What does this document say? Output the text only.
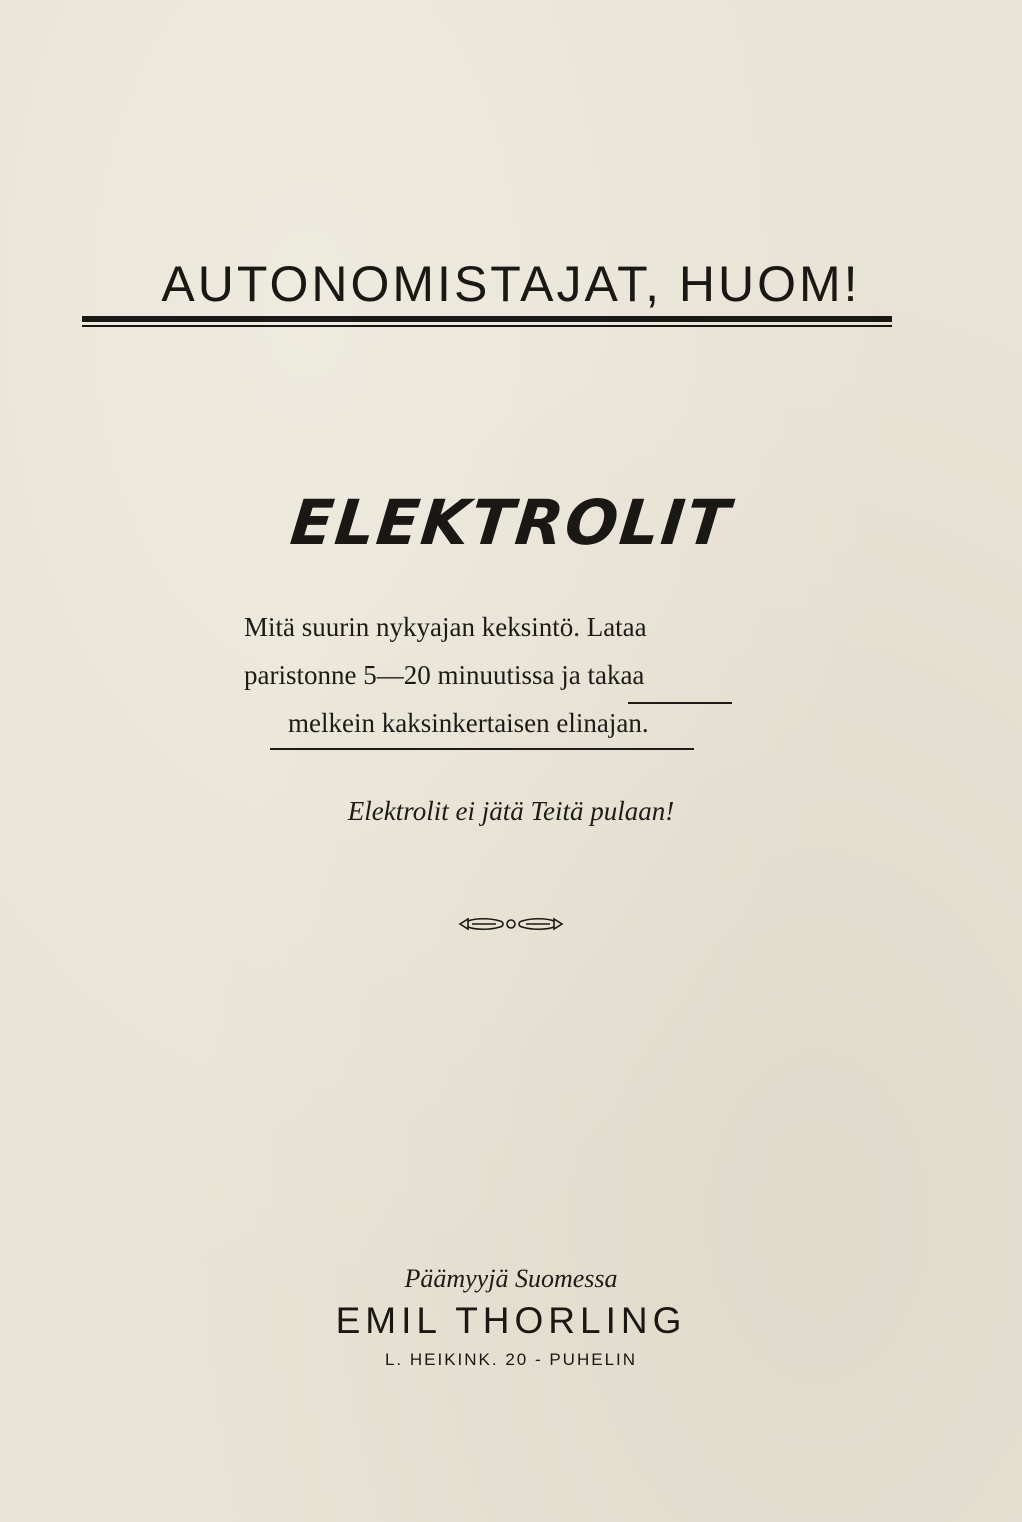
AUTONOMISTAJAT, HUOM!
ELEKTROLIT
Mitä suurin nykyajan keksintö. Lataa
paristonne 5—20 minuutissa ja takaa
melkein kaksinkertaisen elinajan.
Elektrolit ei jätä Teitä pulaan!
Päämyyjä Suomessa
EMIL THORLING
L. HEIKINK. 20 - PUHELIN
